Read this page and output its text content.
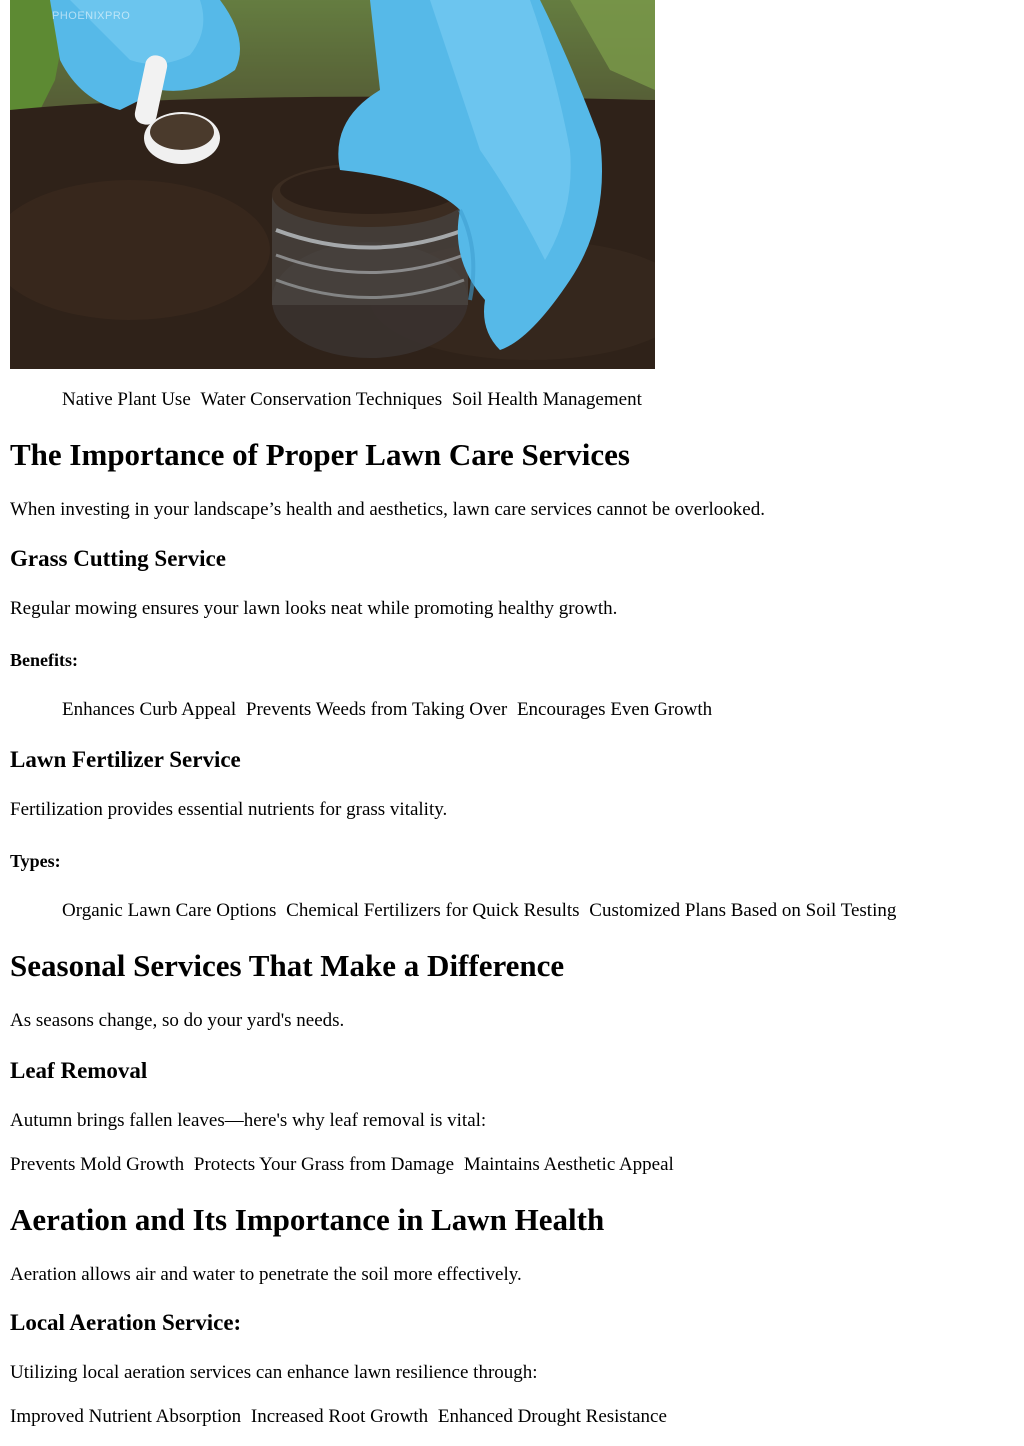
PHOENIXPRO

Native Plant Use Water Conservation Techniques Soil Health Management

The Importance of Proper Lawn Care Services

When investing in your landscape’s health and aesthetics, lawn care services cannot be overlooked.

Grass Cutting Service

Regular mowing ensures your lawn looks neat while promoting healthy growth.

Benefits:

Enhances Curb Appeal Prevents Weeds from Taking Over Encourages Even Growth

Lawn Fertilizer Service

Fertilization provides essential nutrients for grass vitality.

Types:

Organic Lawn Care Options Chemical Fertilizers for Quick Results Customized Plans Based on Soil Testing

Seasonal Services That Make a Difference

As seasons change, so do your yard's needs.

Leaf Removal

Autumn brings fallen leaves—here's why leaf removal is vital:

Prevents Mold Growth Protects Your Grass from Damage Maintains Aesthetic Appeal

Aeration and Its Importance in Lawn Health

Aeration allows air and water to penetrate the soil more effectively.

Local Aeration Service:

Utilizing local aeration services can enhance lawn resilience through:

Improved Nutrient Absorption Increased Root Growth Enhanced Drought Resistance
